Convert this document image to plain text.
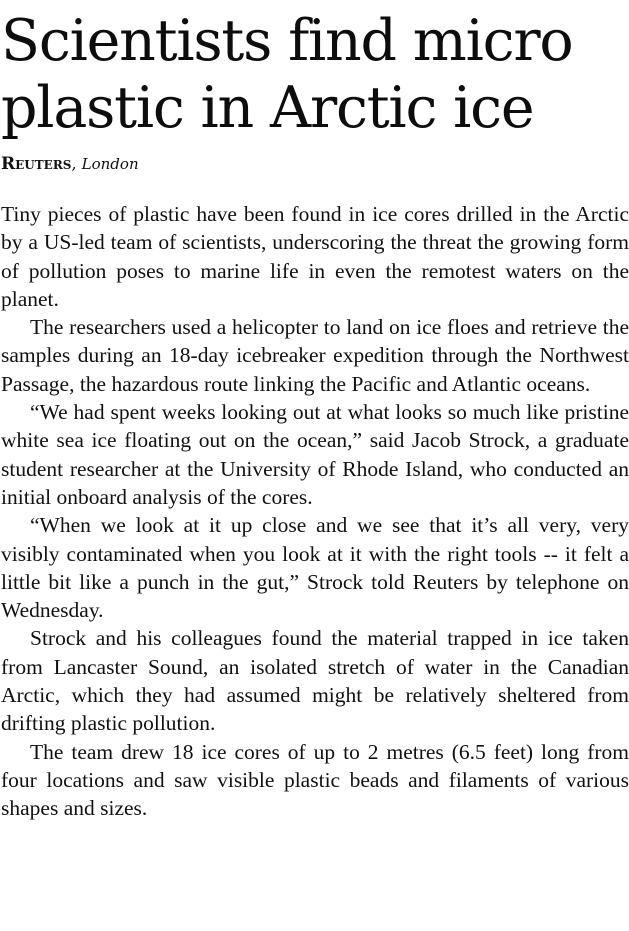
Scientists find micro
plastic in Arctic ice
Reuters, London

Tiny pieces of plastic have been found in ice cores drilled in the Arctic by a US-led team of scientists, underscoring the threat the growing form of pollution poses to marine life in even the remotest waters on the planet.

The researchers used a helicopter to land on ice floes and retrieve the samples during an 18-day icebreaker expedition through the Northwest Passage, the hazardous route linking the Pacific and Atlantic oceans.

“We had spent weeks looking out at what looks so much like pristine white sea ice floating out on the ocean,” said Jacob Strock, a graduate student researcher at the University of Rhode Island, who conducted an initial onboard analysis of the cores.

“When we look at it up close and we see that it’s all very, very visibly contaminated when you look at it with the right tools -- it felt a little bit like a punch in the gut,” Strock told Reuters by telephone on Wednesday.

Strock and his colleagues found the material trapped in ice taken from Lancaster Sound, an isolated stretch of water in the Canadian Arctic, which they had assumed might be relatively sheltered from drifting plastic pollution.

The team drew 18 ice cores of up to 2 metres (6.5 feet) long from four locations and saw visible plastic beads and filaments of various shapes and sizes.
